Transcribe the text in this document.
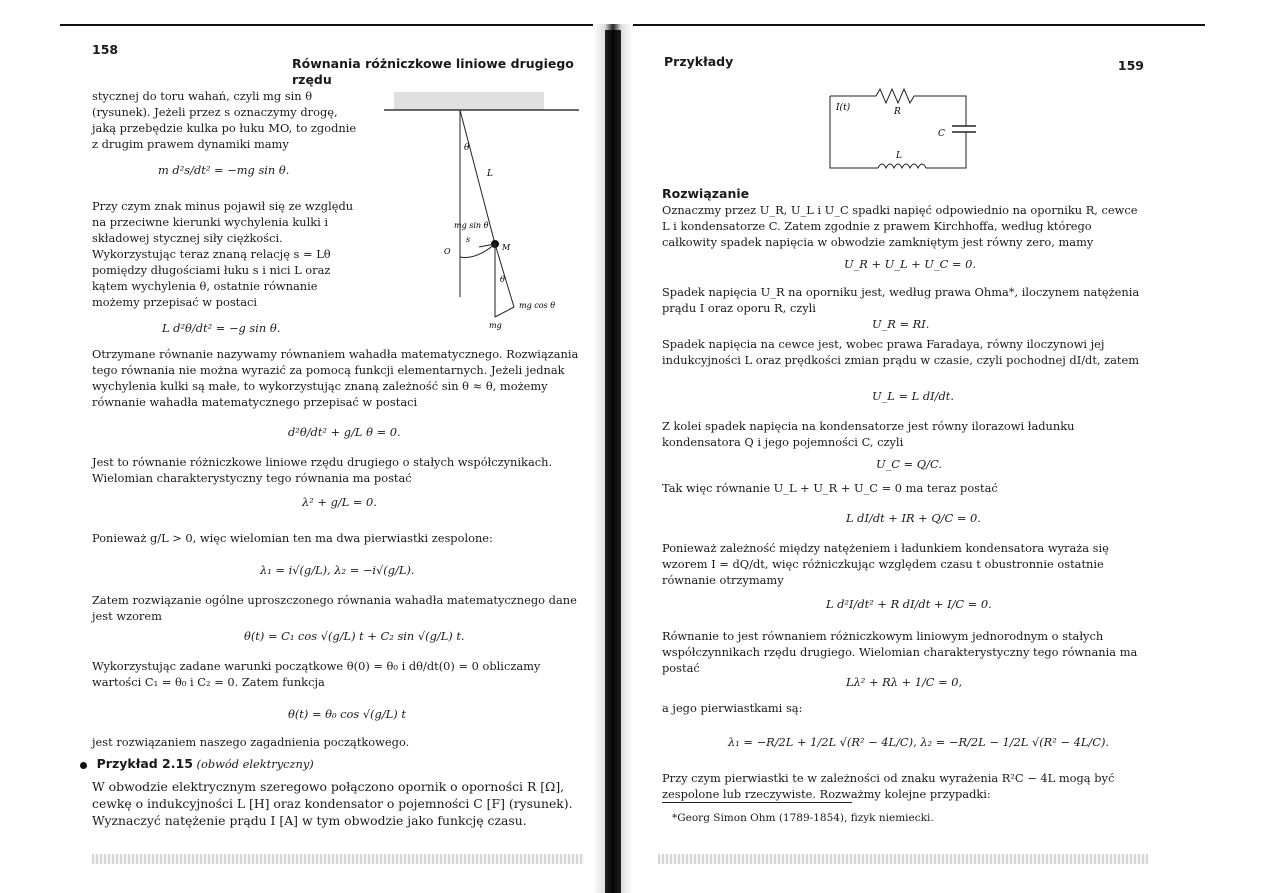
158
Równania różniczkowe liniowe drugiego rzędu

stycznej do toru wahań, czyli mg sin θ (rysunek). Jeżeli przez s oznaczymy drogę, jaką przebędzie kulka po łuku MO, to zgodnie z drugim prawem dynamiki mamy

m d²s/dt² = −mg sin θ.

Przy czym znak minus pojawił się ze względu na przeciwne kierunki wychylenia kulki i składowej stycznej siły ciężkości. Wykorzystując teraz znaną relację s = Lθ pomiędzy długościami łuku s i nici L oraz kątem wychylenia θ, ostatnie równanie możemy przepisać w postaci

L d²θ/dt² = −g sin θ.
θ
L
mg sin θ
M
O
s
θ
mg cos θ
mg

Otrzymane równanie nazywamy równaniem wahadła matematycznego. Rozwiązania tego równania nie można wyrazić za pomocą funkcji elementarnych. Jeżeli jednak wychylenia kulki są małe, to wykorzystując znaną zależność sin θ ≈ θ, możemy równanie wahadła matematycznego przepisać w postaci

d²θ/dt² + g/L θ = 0.

Jest to równanie różniczkowe liniowe rzędu drugiego o stałych współczynikach. Wielomian charakterystyczny tego równania ma postać

λ² + g/L = 0.

Ponieważ g/L > 0, więc wielomian ten ma dwa pierwiastki zespolone:

λ₁ = i√(g/L), λ₂ = −i√(g/L).

Zatem rozwiązanie ogólne uproszczonego równania wahadła matematycznego dane jest wzorem

θ(t) = C₁ cos √(g/L) t + C₂ sin √(g/L) t.

Wykorzystując zadane warunki początkowe θ(0) = θ₀ i dθ/dt(0) = 0 obliczamy wartości C₁ = θ₀ i C₂ = 0. Zatem funkcja

θ(t) = θ₀ cos √(g/L) t

jest rozwiązaniem naszego zagadnienia początkowego.

Przykład 2.15 (obwód elektryczny)

W obwodzie elektrycznym szeregowo połączono opornik o oporności R [Ω], cewkę o indukcyjności L [H] oraz kondensator o pojemności C [F] (rysunek). Wyznaczyć natężenie prądu I [A] w tym obwodzie jako funkcję czasu.

Przykłady	159
I(t)	R
C
L
Rozwiązanie

Oznaczmy przez U_R, U_L i U_C spadki napięć odpowiednio na oporniku R, cewce L i kondensatorze C. Zatem zgodnie z prawem Kirchhoffa, według którego całkowity spadek napięcia w obwodzie zamkniętym jest równy zero, mamy

U_R + U_L + U_C = 0.

Spadek napięcia U_R na oporniku jest, według prawa Ohma*, iloczynem natężenia prądu I oraz oporu R, czyli

U_R = RI.

Spadek napięcia na cewce jest, wobec prawa Faradaya, równy iloczynowi jej indukcyjności L oraz prędkości zmian prądu w czasie, czyli pochodnej dI/dt, zatem

U_L = L dI/dt.

Z kolei spadek napięcia na kondensatorze jest równy ilorazowi ładunku kondensatora Q i jego pojemności C, czyli

U_C = Q/C.

Tak więc równanie U_L + U_R + U_C = 0 ma teraz postać

L dI/dt + IR + Q/C = 0.

Ponieważ zależność między natężeniem i ładunkiem kondensatora wyraża się wzorem I = dQ/dt, więc różniczkując względem czasu t obustronnie ostatnie równanie otrzymamy

L d²I/dt² + R dI/dt + I/C = 0.

Równanie to jest równaniem różniczkowym liniowym jednorodnym o stałych współczynnikach rzędu drugiego. Wielomian charakterystyczny tego równania ma postać

Lλ² + Rλ + 1/C = 0,

a jego pierwiastkami są:

λ₁ = −R/2L + 1/2L √(R² − 4L/C), λ₂ = −R/2L − 1/2L √(R² − 4L/C).

Przy czym pierwiastki te w zależności od znaku wyrażenia R²C − 4L mogą być zespolone lub rzeczywiste. Rozważmy kolejne przypadki:

*Georg Simon Ohm (1789-1854), fizyk niemiecki.
